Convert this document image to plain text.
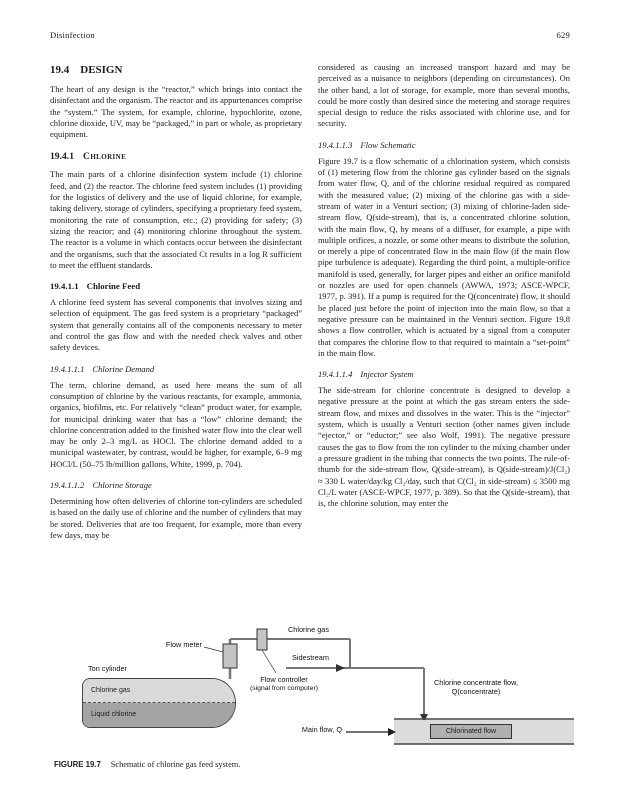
Disinfection	629
19.4 DESIGN

The heart of any design is the “reactor,” which brings into contact the disinfectant and the organism. The reactor and its appurtenances comprise the “system.” The system, for example, chlorine, hypochlorite, ozone, chlorine dioxide, UV, may be “packaged,” in part or whole, as proprietary equipment.

19.4.1 Chlorine

The main parts of a chlorine disinfection system include (1) chlorine feed, and (2) the reactor. The chlorine feed system includes (1) providing for the logistics of delivery and the use of liquid chlorine, for example, taking delivery, storage of cylinders, specifying a proprietary feed system, monitoring the rate of consumption, etc.; (2) providing for safety; (3) sizing the reactor; and (4) monitoring chlorine throughout the system. The reactor is a volume in which contacts occur between the disinfectant and the organisms, such that the associated Ct results in a log R sufficient to meet the effluent standards.

19.4.1.1 Chlorine Feed

A chlorine feed system has several components that involves sizing and selection of equipment. The gas feed system is a proprietary “packaged” system that generally contains all of the components necessary to meter and control the gas flow and with the needed check valves and other safety devices.

19.4.1.1.1 Chlorine Demand

The term, chlorine demand, as used here means the sum of all consumption of chlorine by the various reactants, for example, ammonia, organics, biofilms, etc. For relatively “clean” product water, for example, for municipal drinking water that has a “low” chlorine demand; the chlorine concentration added to the finished water flow into the clear well may be only 2–3 mg/L as HOCl. The chlorine demand added to a municipal wastewater, by contrast, would be higher, for example, 6–9 mg HOCl/L (50–75 lb/million gallons, White, 1999, p. 704).

19.4.1.1.2 Chlorine Storage

Determining how often deliveries of chlorine ton-cylinders are scheduled is based on the daily use of chlorine and the number of cylinders that may be stored. Deliveries that are too frequent, for example, more than every few days, may be

considered as causing an increased transport hazard and may be perceived as a nuisance to neighbors (depending on circumstances). On the other hand, a lot of storage, for example, more than several months, could be more costly than desired since the metering and storage requires special design to reduce the risks associated with chlorine use, and for security.

19.4.1.1.3 Flow Schematic

Figure 19.7 is a flow schematic of a chlorination system, which consists of (1) metering flow from the chlorine gas cylinder based on the signals from water flow, Q, and of the chlorine residual required as compared with the measured value; (2) mixing of the chlorine gas with a side-stream of water in a Venturi section; (3) mixing of chlorine-laden side-stream flow, Q(side-stream), that is, a concentrated chlorine solution, with the main flow, Q, by means of a diffuser, for example, a pipe with multiple orifices, a nozzle, or some other means to distribute the solution, or merely a pipe of concentrated flow in the main flow (if the main flow pipe turbulence is adequate). Regarding the third point, a multiple-orifice manifold is used, generally, for larger pipes and either an orifice manifold or nozzles are used for open channels (AWWA, 1973; ASCE-WPCF, 1977, p. 391). If a pump is required for the Q(concentrate) flow, it should be placed just before the point of injection into the main flow, so that a negative pressure can be maintained in the Venturi section. Figure 19.8 shows a flow controller, which is actuated by a signal from a computer that compares the chlorine flow to that required to maintain a “set-point” in the main flow.

19.4.1.1.4 Injector System

The side-stream for chlorine concentrate is designed to develop a negative pressure at the point at which the gas stream enters the side-stream flow, and mixes and dissolves in the water. This is the “injector” system, which is usually a Venturi section (other names given include “ejector,” or “eductor;” see also Wolf, 1991). The negative pressure causes the gas to flow from the ton cylinder to the mixing chamber under a pressure gradient in the tubing that connects the two points. The rule-of-thumb for the side-stream flow, Q(side-stream), is Q(side-stream)/J(Cl₂) ≈ 330 L water/day/kg Cl₂/day, such that C(Cl₂ in side-stream) ≤ 3500 mg Cl₂/L water (ASCE-WPCF, 1977, p. 389). So that the Q(side-stream), that is, the chlorine solution, may enter the

Chlorine gas
Flow meter
Ton cylinder
Chlorine gas
Liquid chlorine
Sidestream
Flow controller
(signal from computer)
Chlorine concentrate flow, Q(concentrate)
Main flow, Q	Chlorinated flow
FIGURE 19.7 Schematic of chlorine gas feed system.
